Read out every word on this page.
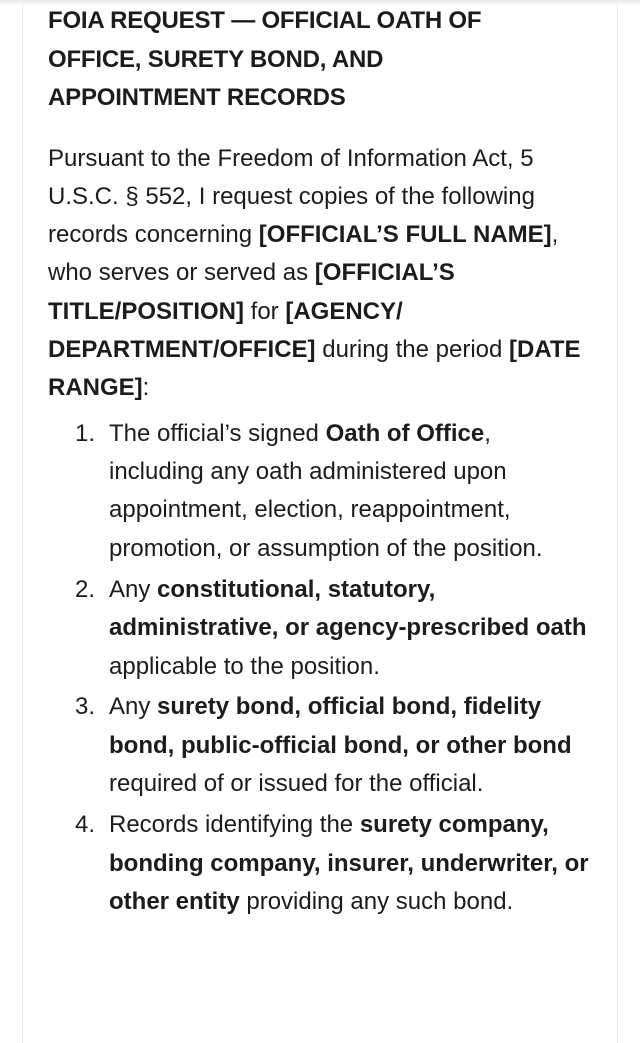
FOIA REQUEST — OFFICIAL OATH OF OFFICE, SURETY BOND, AND APPOINTMENT RECORDS

Pursuant to the Freedom of Information Act, 5 U.S.C. § 552, I request copies of the following records concerning [OFFICIAL’S FULL NAME], who serves or served as [OFFICIAL’S TITLE/POSITION] for [AGENCY/ DEPARTMENT/OFFICE] during the period [DATE RANGE]:

1. The official’s signed Oath of Office, including any oath administered upon appointment, election, reappointment, promotion, or assumption of the position.
2. Any constitutional, statutory, administrative, or agency-prescribed oath applicable to the position.
3. Any surety bond, official bond, fidelity bond, public-official bond, or other bond required of or issued for the official.
4. Records identifying the surety company, bonding company, insurer, underwriter, or other entity providing any such bond.
